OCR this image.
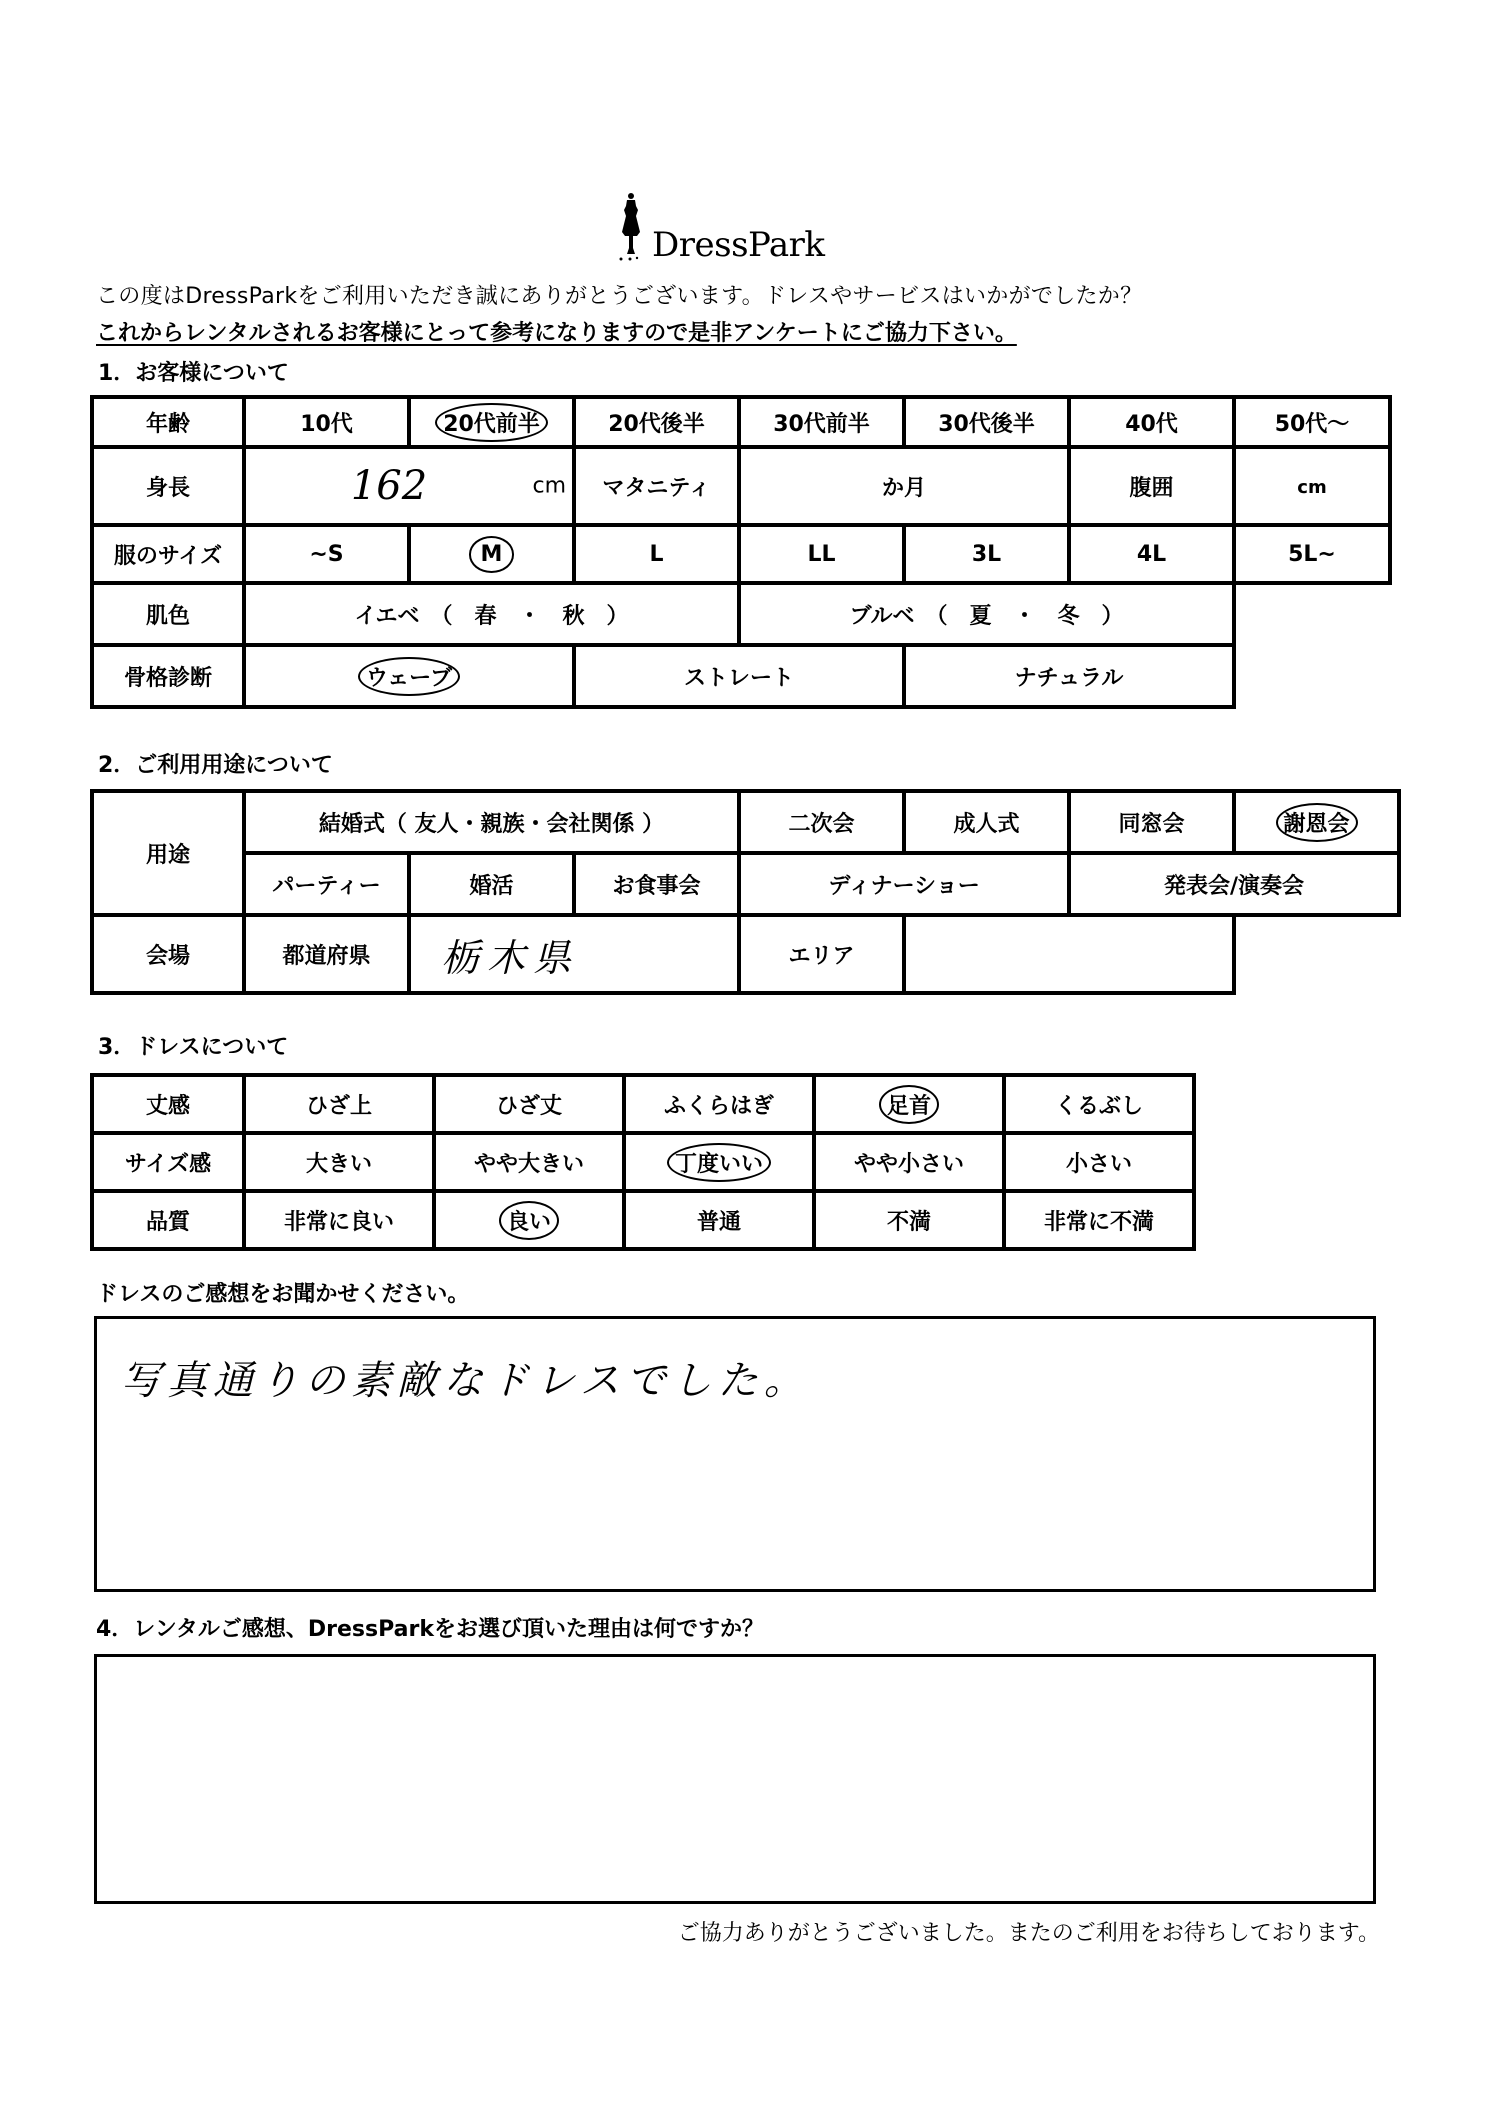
DressPark
この度はDressParkをご利用いただき誠にありがとうございます。ドレスやサービスはいかがでしたか？
これからレンタルされるお客様にとって参考になりますので是非アンケートにご協力下さい。
1．お客様について
年齢	10代	20代前半	20代後半	30代前半	30代後半	40代	50代～
身長	162 cm		マタニティ	か月		腹囲	cm
服のサイズ	~S	M	L	LL	3L	4L	5L~
肌色	イエベ　（　春　・　秋　）			ブルベ　（　夏　・　冬　）			
骨格診断	ウェーブ		ストレート		ナチュラル		
2．ご利用用途について
用途	結婚式（ 友人・親族・会社関係 ）			二次会	成人式	同窓会	謝恩会
	パーティー	婚活	お食事会	ディナーショー		発表会/演奏会	
会場	都道府県	栃木県		エリア			
3．ドレスについて
丈感	ひざ上	ひざ丈	ふくらはぎ	足首	くるぶし
サイズ感	大きい	やや大きい	丁度いい	やや小さい	小さい
品質	非常に良い	良い	普通	不満	非常に不満
ドレスのご感想をお聞かせください。
写真通りの素敵なドレスでした。
4．レンタルご感想、DressParkをお選び頂いた理由は何ですか？
ご協力ありがとうございました。またのご利用をお待ちしております。
